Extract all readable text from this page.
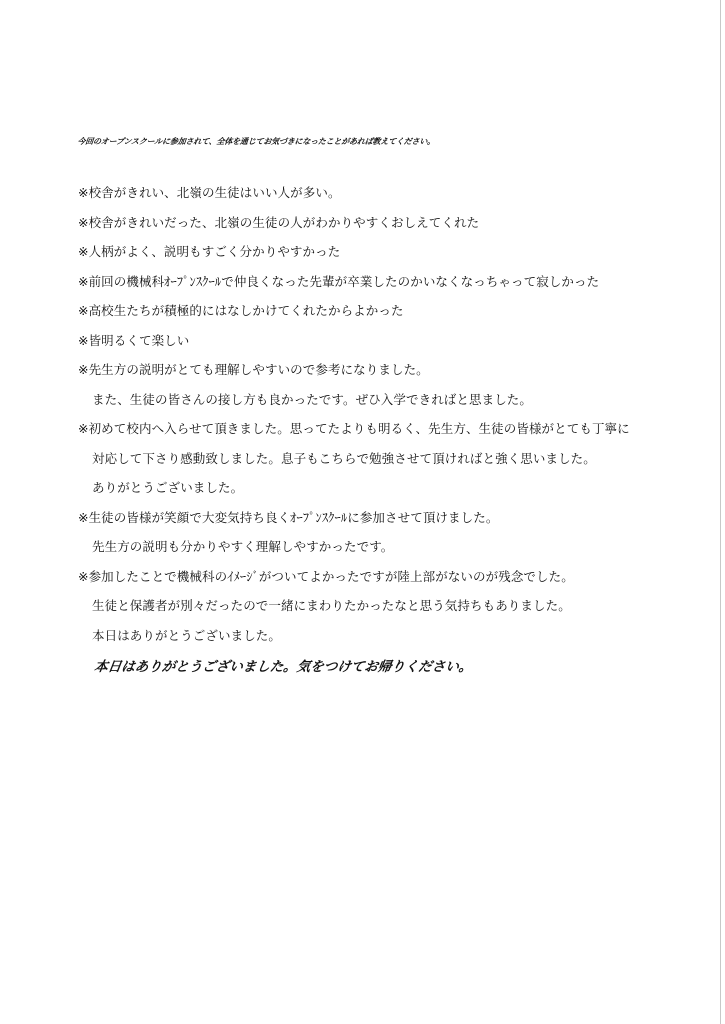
今回のオープンスクールに参加されて、全体を通じてお気づきになったことがあれば教えてください。
※校舎がきれい、北嶺の生徒はいい人が多い。
※校舎がきれいだった、北嶺の生徒の人がわかりやすくおしえてくれた
※人柄がよく、説明もすごく分かりやすかった
※前回の機械科ｵｰﾌﾟﾝｽｸｰﾙで仲良くなった先輩が卒業したのかいなくなっちゃって寂しかった
※高校生たちが積極的にはなしかけてくれたからよかった
※皆明るくて楽しい
※先生方の説明がとても理解しやすいので参考になりました。
また、生徒の皆さんの接し方も良かったです。ぜひ入学できればと思ました。
※初めて校内へ入らせて頂きました。思ってたよりも明るく、先生方、生徒の皆様がとても丁寧に
対応して下さり感動致しました。息子もこちらで勉強させて頂ければと強く思いました。
ありがとうございました。
※生徒の皆様が笑顔で大変気持ち良くｵｰﾌﾟﾝｽｸｰﾙに参加させて頂けました。
先生方の説明も分かりやすく理解しやすかったです。
※参加したことで機械科のｲﾒｰｼﾞがついてよかったですが陸上部がないのが残念でした。
生徒と保護者が別々だったので一緒にまわりたかったなと思う気持ちもありました。
本日はありがとうございました。
本日はありがとうございました。気をつけてお帰りください。
